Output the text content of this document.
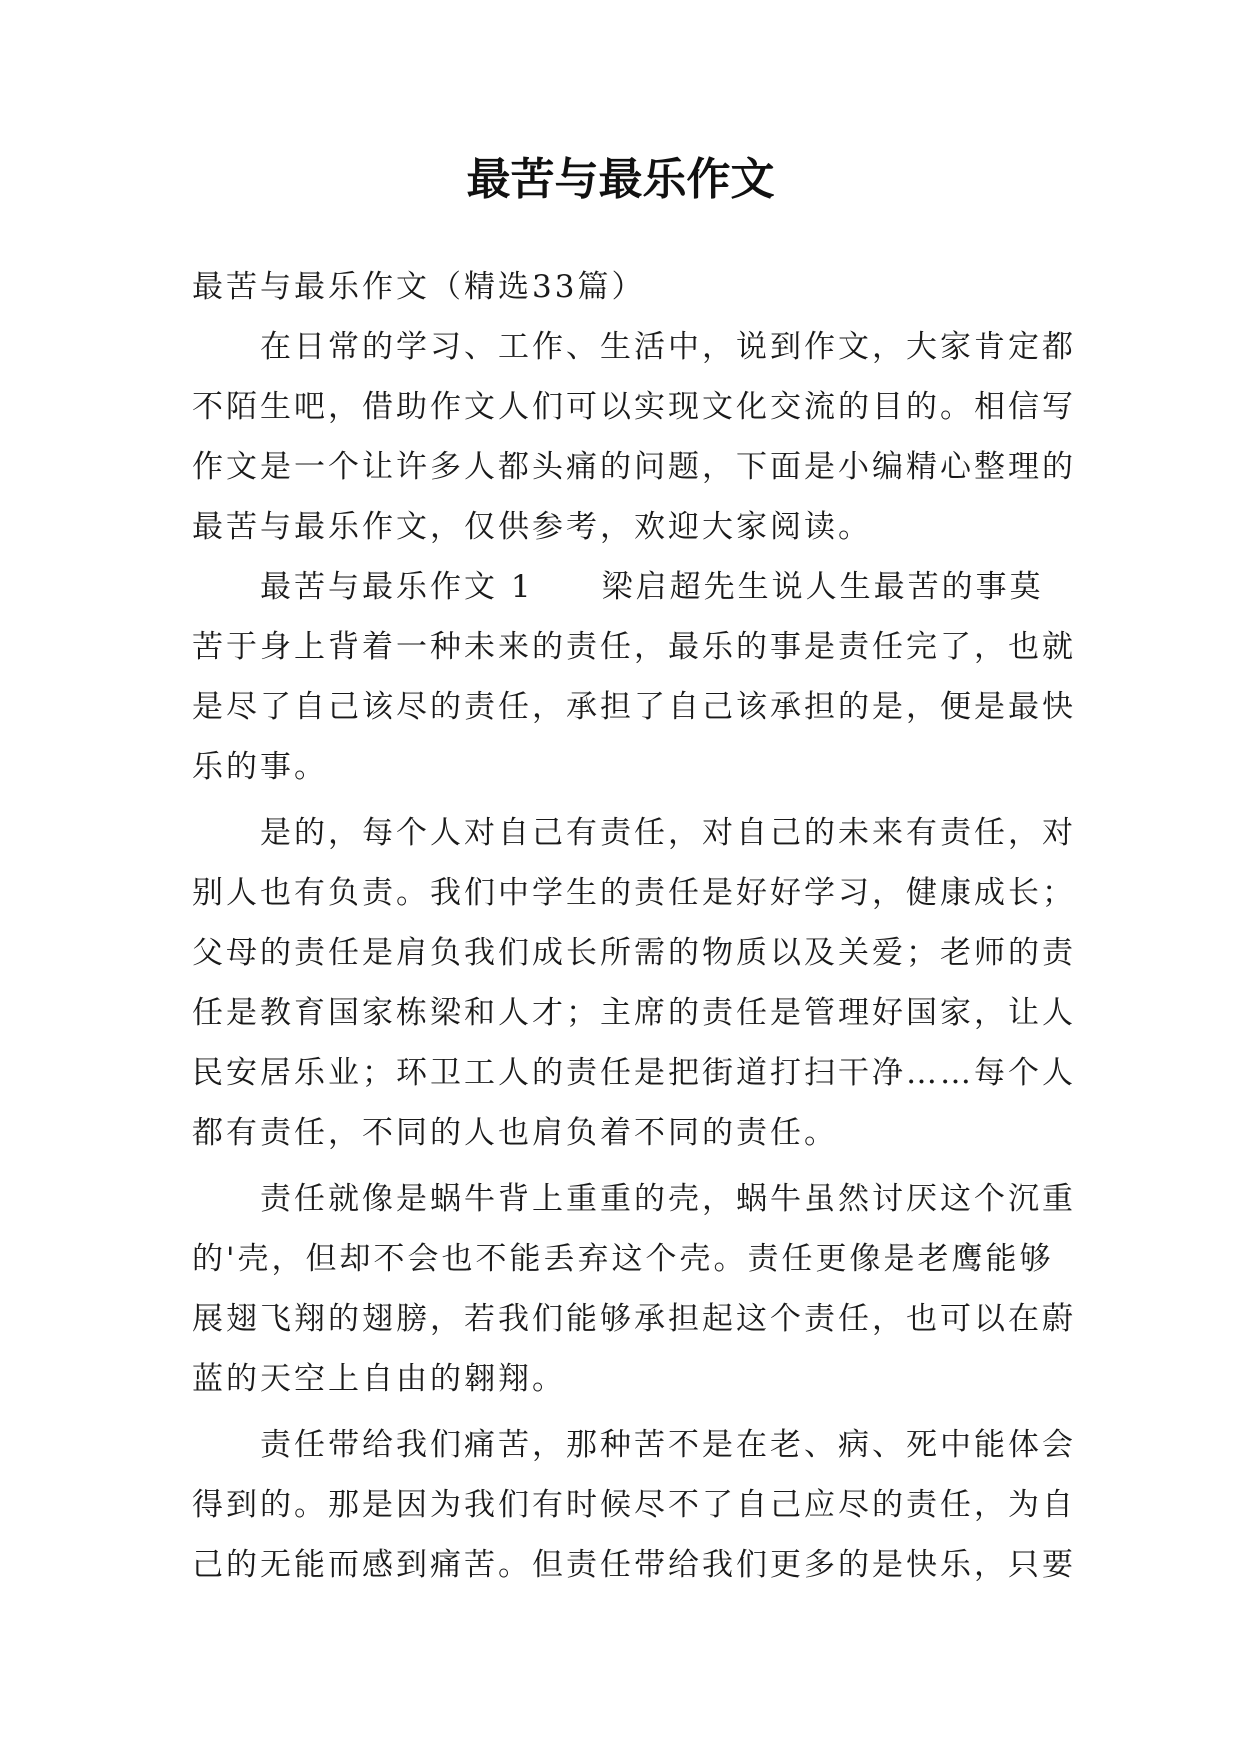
最苦与最乐作文
最苦与最乐作文（精选33篇）
　　在日常的学习、工作、生活中，说到作文，大家肯定都
不陌生吧，借助作文人们可以实现文化交流的目的。相信写
作文是一个让许多人都头痛的问题，下面是小编精心整理的
最苦与最乐作文，仅供参考，欢迎大家阅读。
　　最苦与最乐作文 1　　梁启超先生说人生最苦的事莫
苦于身上背着一种未来的责任，最乐的事是责任完了，也就
是尽了自己该尽的责任，承担了自己该承担的是，便是最快
乐的事。
　　是的，每个人对自己有责任，对自己的未来有责任，对
别人也有负责。我们中学生的责任是好好学习，健康成长；
父母的责任是肩负我们成长所需的物质以及关爱；老师的责
任是教育国家栋梁和人才；主席的责任是管理好国家，让人
民安居乐业；环卫工人的责任是把街道打扫干净……每个人
都有责任，不同的人也肩负着不同的责任。
　　责任就像是蜗牛背上重重的壳，蜗牛虽然讨厌这个沉重
的'壳，但却不会也不能丢弃这个壳。责任更像是老鹰能够
展翅飞翔的翅膀，若我们能够承担起这个责任，也可以在蔚
蓝的天空上自由的翱翔。
　　责任带给我们痛苦，那种苦不是在老、病、死中能体会
得到的。那是因为我们有时候尽不了自己应尽的责任，为自
己的无能而感到痛苦。但责任带给我们更多的是快乐，只要
